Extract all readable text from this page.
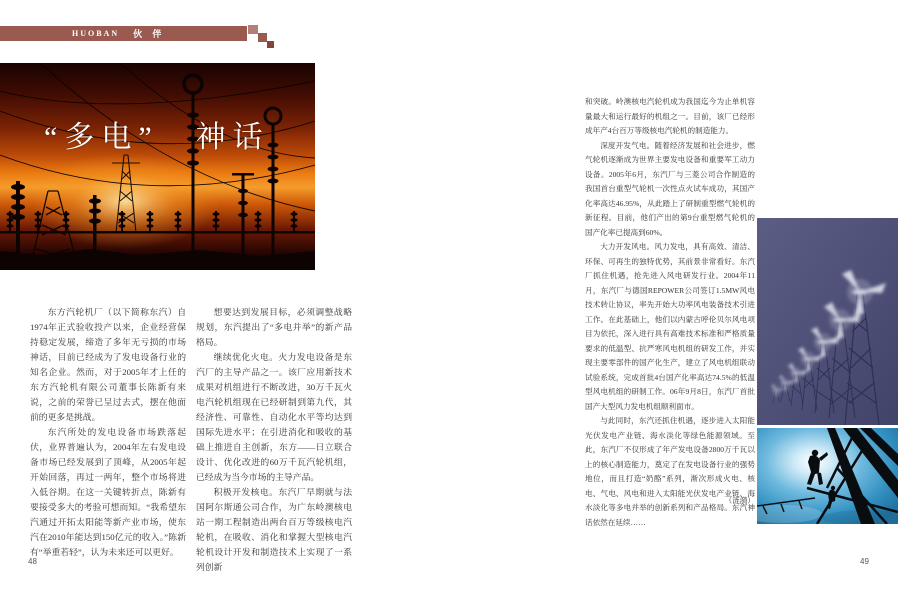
HUOBAN 伙 伴
“多电”　神话

东方汽轮机厂（以下简称东汽）自1974年正式验收投产以来，企业经营保持稳定发展，缔造了多年无亏损的市场神话，目前已经成为了发电设备行业的知名企业。然而，对于2005年才上任的东方汽轮机有限公司董事长陈新有来说，之前的荣誉已呈过去式，摆在他面前的更多是挑战。

东汽所处的发电设备市场跌落起伏，业界普遍认为，2004年左右发电设备市场已经发展到了顶峰，从2005年起开始回落，再过一两年，整个市场将进入低谷期。在这一关键转折点，陈新有要接受多大的考验可想而知。“我希望东汽通过开拓太阳能等新产业市场，使东汽在2010年能达到150亿元的收入。”陈新有“举重若轻”，认为未来还可以更好。

想要达到发展目标，必须调整战略规划，东汽提出了“多电并举”的新产品格局。

继续优化火电。火力发电设备是东汽厂的主导产品之一。该厂应用新技术成果对机组进行不断改进，30万千瓦火电汽轮机组现在已经研制到第九代，其经济性、可靠性、自动化水平等均达到国际先进水平；在引进消化和吸收的基础上推进自主创新，东方——日立联合设计、优化改进的60万千瓦汽轮机组，已经成为当今市场的主导产品。

积极开发核电。东汽厂早期就与法国阿尔斯通公司合作，为广东岭澳核电站一期工程制造出两台百万等级核电汽轮机，在吸收、消化和掌握大型核电汽轮机设计开发和制造技术上实现了一系列创新

48

和突破。岭澳核电汽轮机成为我国迄今为止单机容量最大和运行最好的机组之一。目前，该厂已经形成年产4台百万等级核电汽轮机的制造能力。

深度开发气电。随着经济发展和社会进步，燃气轮机逐渐成为世界主要发电设备和重要军工动力设备。2005年6月，东汽厂与三菱公司合作制造的我国首台重型气轮机一次性点火试车成功，其国产化率高达46.95%，从此踏上了研制重型燃气轮机的新征程。目前，他们产出的第9台重型燃气轮机的国产化率已提高到60%。

大力开发风电。风力发电，具有高效、清洁、环保、可再生的独特优势，其前景非常看好。东汽厂抓住机遇，抢先进入风电研发行业。2004年11月，东汽厂与德国REPOWER公司签订1.5MW风电技术转让协议，率先开始大功率风电装备技术引进工作。在此基础上，他们以内蒙古呼伦贝尔风电项目为依托，深入进行具有高难技术标准和严格质量要求的低温型、抗严寒风电机组的研发工作，并实现主要零部件的国产化生产，建立了风电机组联动试验系统，完成首批4台国产化率高达74.5%的低温型风电机组的研制工作。06年9月8日，东汽厂首批国产大型风力发电机组顺利面市。

与此同时，东汽还抓住机遇，逐步进入太阳能光伏发电产业链、海水淡化等绿色能源领域。至此，东汽厂不仅形成了年产发电设备2800万千瓦以上的核心制造能力，奠定了在发电设备行业的强势地位，而且打造“奶酪”系列，渐次形成火电、核电、气电、风电和进入太阳能光伏发电产业链、海水淡化等多电并举的创新系列和产品格局。东汽神话依然在延续……

（涟漪）
49
